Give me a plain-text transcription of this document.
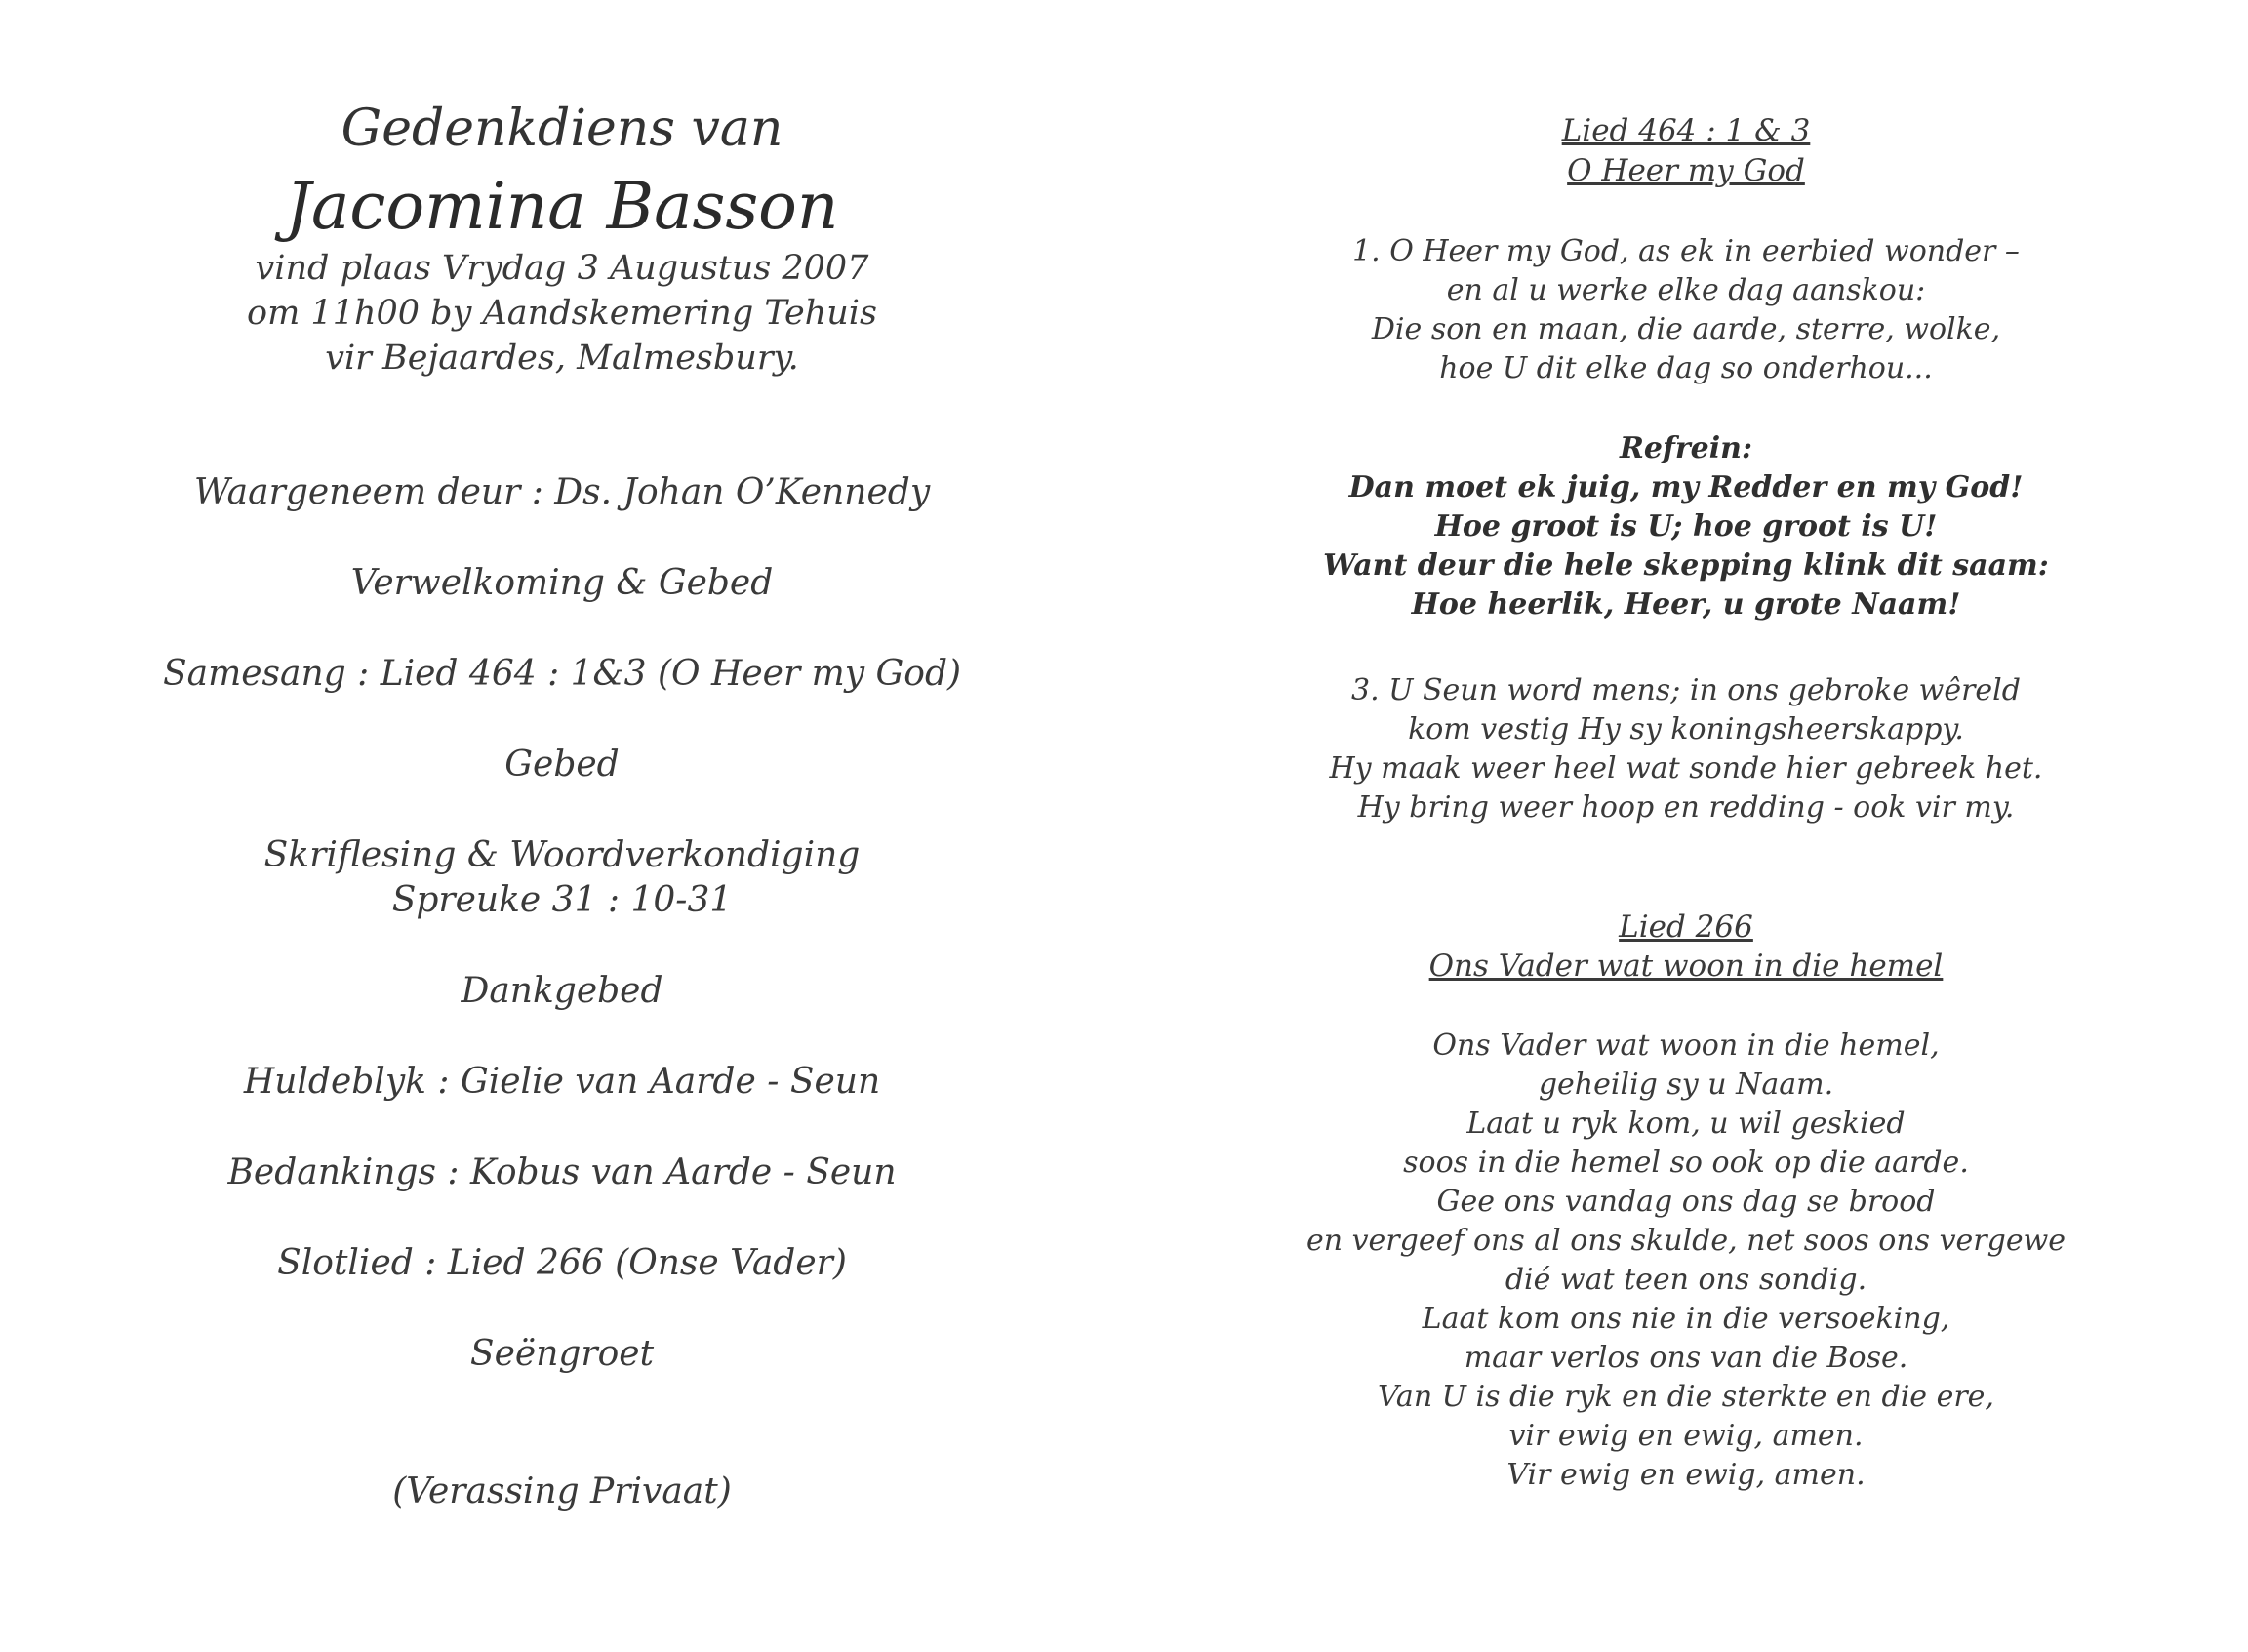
Gedenkdiens van
Jacomina Basson
vind plaas Vrydag 3 Augustus 2007
om 11h00 by Aandskemering Tehuis
vir Bejaardes, Malmesbury.
Waargeneem deur : Ds. Johan O’Kennedy
Verwelkoming & Gebed
Samesang : Lied 464 : 1&3 (O Heer my God)
Gebed
Skriflesing & Woordverkondiging
Spreuke 31 : 10-31
Dankgebed
Huldeblyk : Gielie van Aarde - Seun
Bedankings : Kobus van Aarde - Seun
Slotlied : Lied 266 (Onse Vader)
Seëngroet
(Verassing Privaat)
Lied 464 : 1 & 3
O Heer my God
1. O Heer my God, as ek in eerbied wonder –
en al u werke elke dag aanskou:
Die son en maan, die aarde, sterre, wolke,
hoe U dit elke dag so onderhou...
Refrein:
Dan moet ek juig, my Redder en my God!
Hoe groot is U; hoe groot is U!
Want deur die hele skepping klink dit saam:
Hoe heerlik, Heer, u grote Naam!
3. U Seun word mens; in ons gebroke wêreld
kom vestig Hy sy koningsheerskappy.
Hy maak weer heel wat sonde hier gebreek het.
Hy bring weer hoop en redding - ook vir my.
Lied 266
Ons Vader wat woon in die hemel
Ons Vader wat woon in die hemel,
geheilig sy u Naam.
Laat u ryk kom, u wil geskied
soos in die hemel so ook op die aarde.
Gee ons vandag ons dag se brood
en vergeef ons al ons skulde, net soos ons vergewe
dié wat teen ons sondig.
Laat kom ons nie in die versoeking,
maar verlos ons van die Bose.
Van U is die ryk en die sterkte en die ere,
vir ewig en ewig, amen.
Vir ewig en ewig, amen.
